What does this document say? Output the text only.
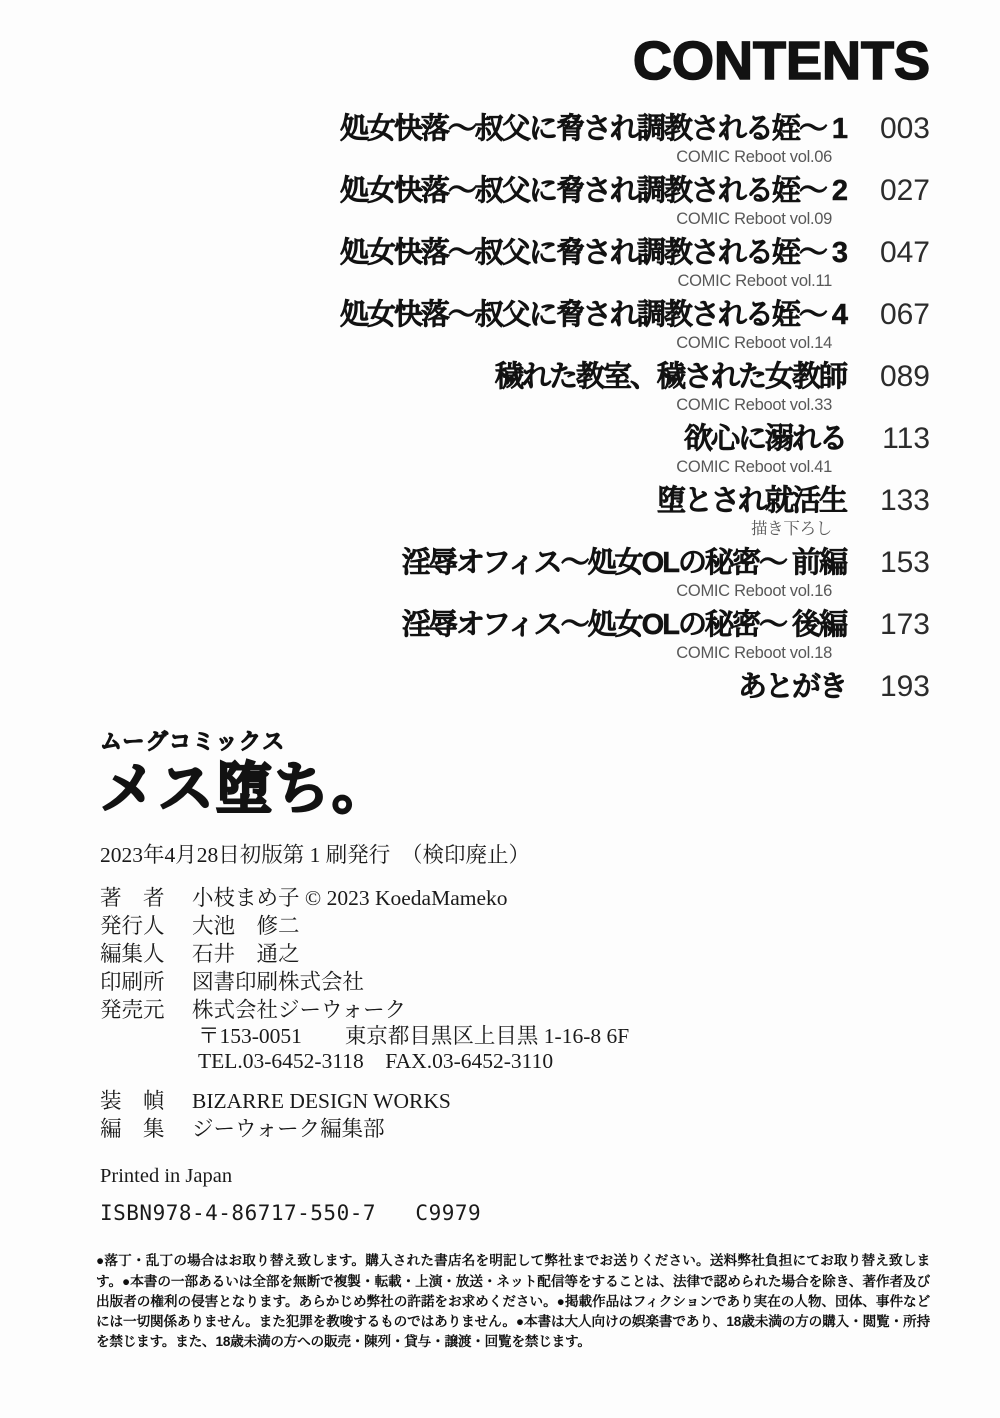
CONTENTS
処女快落～叔父に脅され調教される姪～ 1
COMIC Reboot vol.06
003
処女快落～叔父に脅され調教される姪～ 2
COMIC Reboot vol.09
027
処女快落～叔父に脅され調教される姪～ 3
COMIC Reboot vol.11
047
処女快落～叔父に脅され調教される姪～ 4
COMIC Reboot vol.14
067
穢れた教室、穢された女教師
COMIC Reboot vol.33
089
欲心に溺れる
COMIC Reboot vol.41
113
堕とされ就活生
描き下ろし
133
淫辱オフィス～処女OLの秘密～ 前編
COMIC Reboot vol.16
153
淫辱オフィス～処女OLの秘密～ 後編
COMIC Reboot vol.18
173
あとがき	193
ムーグコミックス
メス堕ち。
2023年4月28日初版第 1 刷発行　（検印廃止）
著　者 小枝まめ子 © 2023 KoedaMameko
発行人 大池　修二
編集人 石井　通之
印刷所 図書印刷株式会社
発売元 株式会社ジーウォーク
〒153-0051　　東京都目黒区上目黒 1-16-8 6F
TEL.03-6452-3118　FAX.03-6452-3110
装　幀 BIZARRE DESIGN WORKS
編　集 ジーウォーク編集部
Printed in Japan
ISBN978-4-86717-550-7   C9979
●落丁・乱丁の場合はお取り替え致します。購入された書店名を明記して弊社までお送りください。送料弊社負担にてお取り替え致します。●本書の一部あるいは全部を無断で複製・転載・上演・放送・ネット配信等をすることは、法律で認められた場合を除き、著作者及び出版者の権利の侵害となります。あらかじめ弊社の許諾をお求めください。●掲載作品はフィクションであり実在の人物、団体、事件などには一切関係ありません。また犯罪を教唆するものではありません。●本書は大人向けの娯楽書であり、18歳未満の方の購入・閲覧・所持を禁じます。また、18歳未満の方への販売・陳列・貸与・譲渡・回覧を禁じます。
